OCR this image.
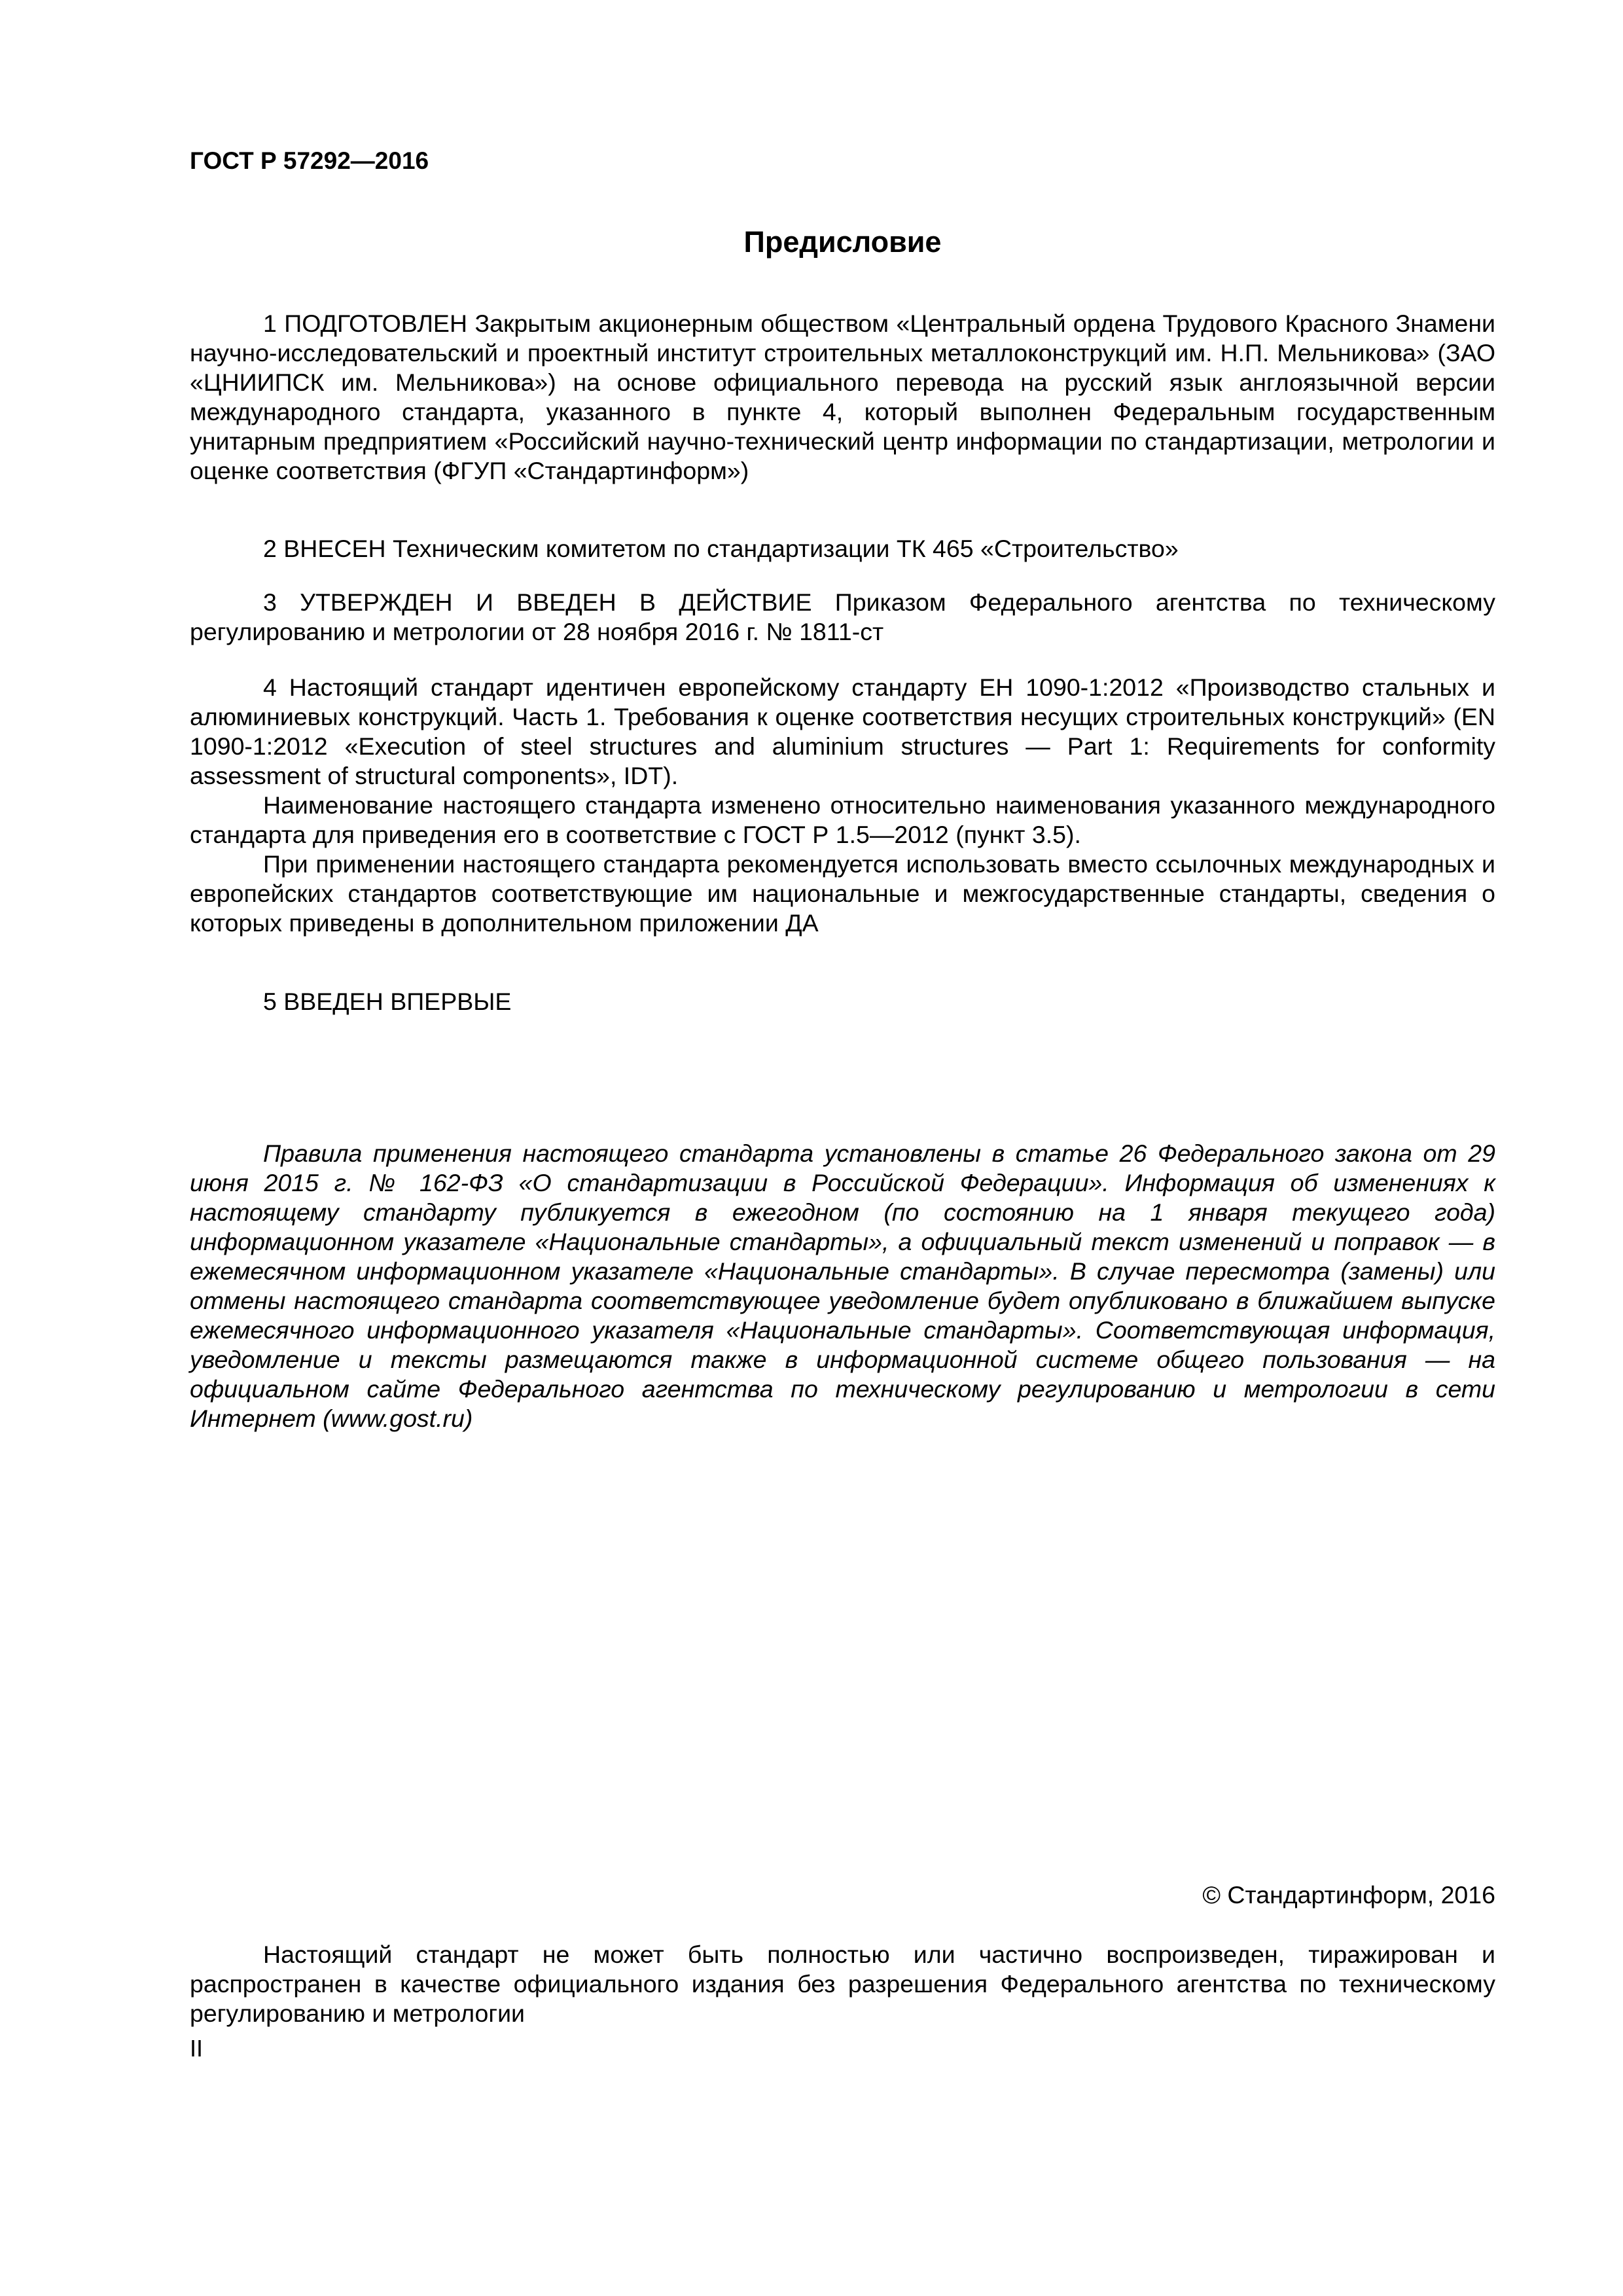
ГОСТ Р 57292—2016
Предисловие

1 ПОДГОТОВЛЕН Закрытым акционерным обществом «Центральный ордена Трудового Красного Знамени научно-исследовательский и проектный институт строительных металлоконструкций им. Н.П. Мельникова» (ЗАО «ЦНИИПСК им. Мельникова») на основе официального перевода на русский язык англоязычной версии международного стандарта, указанного в пункте 4, который выполнен Федеральным государственным унитарным предприятием «Российский научно-технический центр информации по стандартизации, метрологии и оценке соответствия (ФГУП «Стандартинформ»)

2 ВНЕСЕН Техническим комитетом по стандартизации ТК 465 «Строительство»

3 УТВЕРЖДЕН И ВВЕДЕН В ДЕЙСТВИЕ Приказом Федерального агентства по техническому регулированию и метрологии от 28 ноября 2016 г. № 1811-ст

4 Настоящий стандарт идентичен европейскому стандарту ЕН 1090-1:2012 «Производство стальных и алюминиевых конструкций. Часть 1. Требования к оценке соответствия несущих строительных конструкций» (EN 1090-1:2012 «Execution of steel structures and aluminium structures — Part 1: Requirements for conformity assessment of structural components», IDT).

Наименование настоящего стандарта изменено относительно наименования указанного международного стандарта для приведения его в соответствие с ГОСТ Р 1.5—2012 (пункт 3.5).

При применении настоящего стандарта рекомендуется использовать вместо ссылочных международных и европейских стандартов соответствующие им национальные и межгосударственные стандарты, сведения о которых приведены в дополнительном приложении ДА

5 ВВЕДЕН ВПЕРВЫЕ

Правила применения настоящего стандарта установлены в статье 26 Федерального закона от 29 июня 2015 г. № 162-ФЗ «О стандартизации в Российской Федерации». Информация об изменениях к настоящему стандарту публикуется в ежегодном (по состоянию на 1 января текущего года) информационном указателе «Национальные стандарты», а официальный текст изменений и поправок — в ежемесячном информационном указателе «Национальные стандарты». В случае пересмотра (замены) или отмены настоящего стандарта соответствующее уведомление будет опубликовано в ближайшем выпуске ежемесячного информационного указателя «Национальные стандарты». Соответствующая информация, уведомление и тексты размещаются также в информационной системе общего пользования — на официальном сайте Федерального агентства по техническому регулированию и метрологии в сети Интернет (www.gost.ru)

© Стандартинформ, 2016

Настоящий стандарт не может быть полностью или частично воспроизведен, тиражирован и распространен в качестве официального издания без разрешения Федерального агентства по техническому регулированию и метрологии

II
